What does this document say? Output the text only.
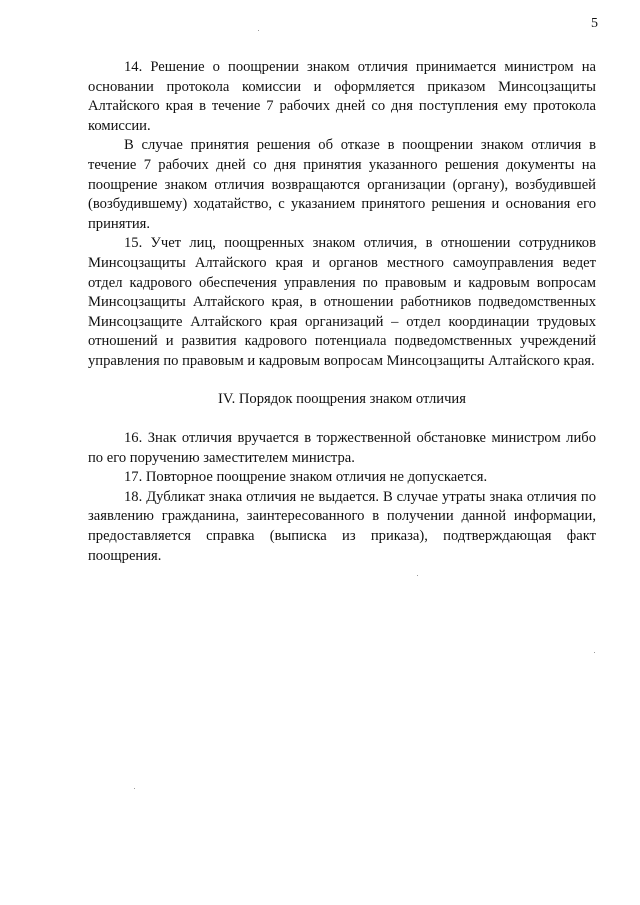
5

14. Решение о поощрении знаком отличия принимается министром на основании протокола комиссии и оформляется приказом Минсоцзащиты Алтайского края в течение 7 рабочих дней со дня поступления ему протокола комиссии.

В случае принятия решения об отказе в поощрении знаком отличия в течение 7 рабочих дней со дня принятия указанного решения документы на поощрение знаком отличия возвращаются организации (органу), возбудившей (возбудившему) ходатайство, с указанием принятого решения и основания его принятия.

15. Учет лиц, поощренных знаком отличия, в отношении сотрудников Минсоцзащиты Алтайского края и органов местного самоуправления ведет отдел кадрового обеспечения управления по правовым и кадровым вопросам Минсоцзащиты Алтайского края, в отношении работников подведомственных Минсоцзащите Алтайского края организаций – отдел координации трудовых отношений и развития кадрового потенциала подведомственных учреждений управления по правовым и кадровым вопросам Минсоцзащиты Алтайского края.

IV. Порядок поощрения знаком отличия

16. Знак отличия вручается в торжественной обстановке министром либо по его поручению заместителем министра.

17. Повторное поощрение знаком отличия не допускается.

18. Дубликат знака отличия не выдается. В случае утраты знака отличия по заявлению гражданина, заинтересованного в получении данной информации, предоставляется справка (выписка из приказа), подтверждающая факт поощрения.
